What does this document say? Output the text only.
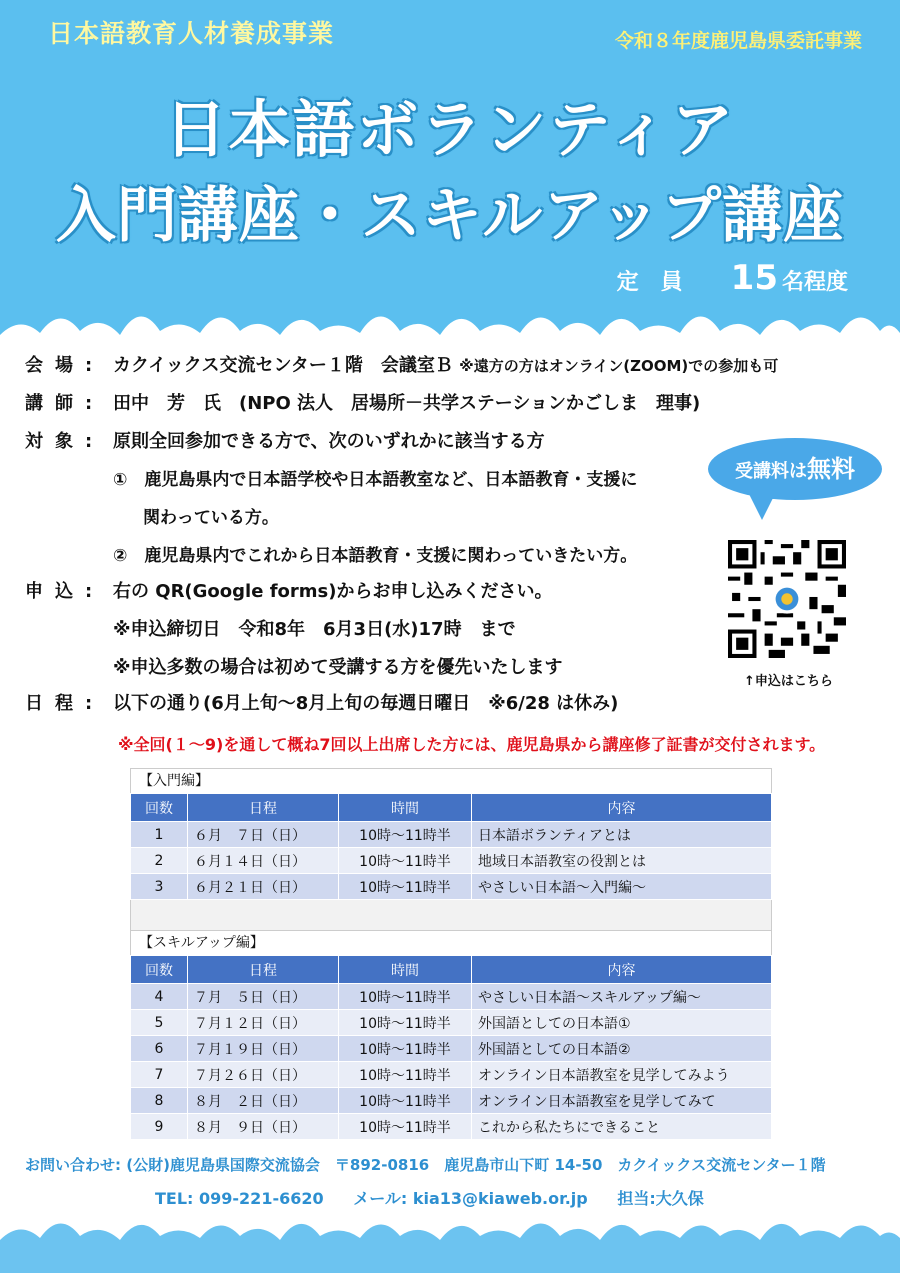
日本語教育人材養成事業	令和８年度鹿児島県委託事業
日本語ボランティア
入門講座・スキルアップ講座
定　員 15 名程度
会場: カクイックス交流センター１階　会議室Ｂ ※遠方の方はオンライン(ZOOM)での参加も可
講師: 田中　芳　氏　(NPO 法人　居場所－共学ステーションかごしま　理事)
対象: 原則全回参加できる方で、次のいずれかに該当する方
①　鹿児島県内で日本語学校や日本語教室など、日本語教育・支援に
関わっている方。
②　鹿児島県内でこれから日本語教育・支援に関わっていきたい方。
申込: 右の QR(Google forms)からお申し込みください。
※申込締切日　令和8年　6月3日(水)17時　まで
※申込多数の場合は初めて受講する方を優先いたします
日程: 以下の通り(6月上旬～8月上旬の毎週日曜日　※6/28 は休み)
受講料は無料
↑申込はこちら
※全回(１～9)を通して概ね7回以上出席した方には、鹿児島県から講座修了証書が交付されます。
【入門編】
回数	日程	時間	内容
1	６月　７日（日）	10時～11時半	日本語ボランティアとは
2	６月１４日（日）	10時～11時半	地域日本語教室の役割とは
3	６月２１日（日）	10時～11時半	やさしい日本語～入門編～
【スキルアップ編】
回数	日程	時間	内容
4	７月　５日（日）	10時～11時半	やさしい日本語～スキルアップ編～
5	７月１２日（日）	10時～11時半	外国語としての日本語①
6	７月１９日（日）	10時～11時半	外国語としての日本語②
7	７月２６日（日）	10時～11時半	オンライン日本語教室を見学してみよう
8	８月　２日（日）	10時～11時半	オンライン日本語教室を見学してみて
9	８月　９日（日）	10時～11時半	これから私たちにできること
お問い合わせ: (公財)鹿児島県国際交流協会　〒892-0816　鹿児島市山下町 14-50　カクイックス交流センター１階
TEL: 099-221-6620 メール: kia13@kiaweb.or.jp 担当:大久保
